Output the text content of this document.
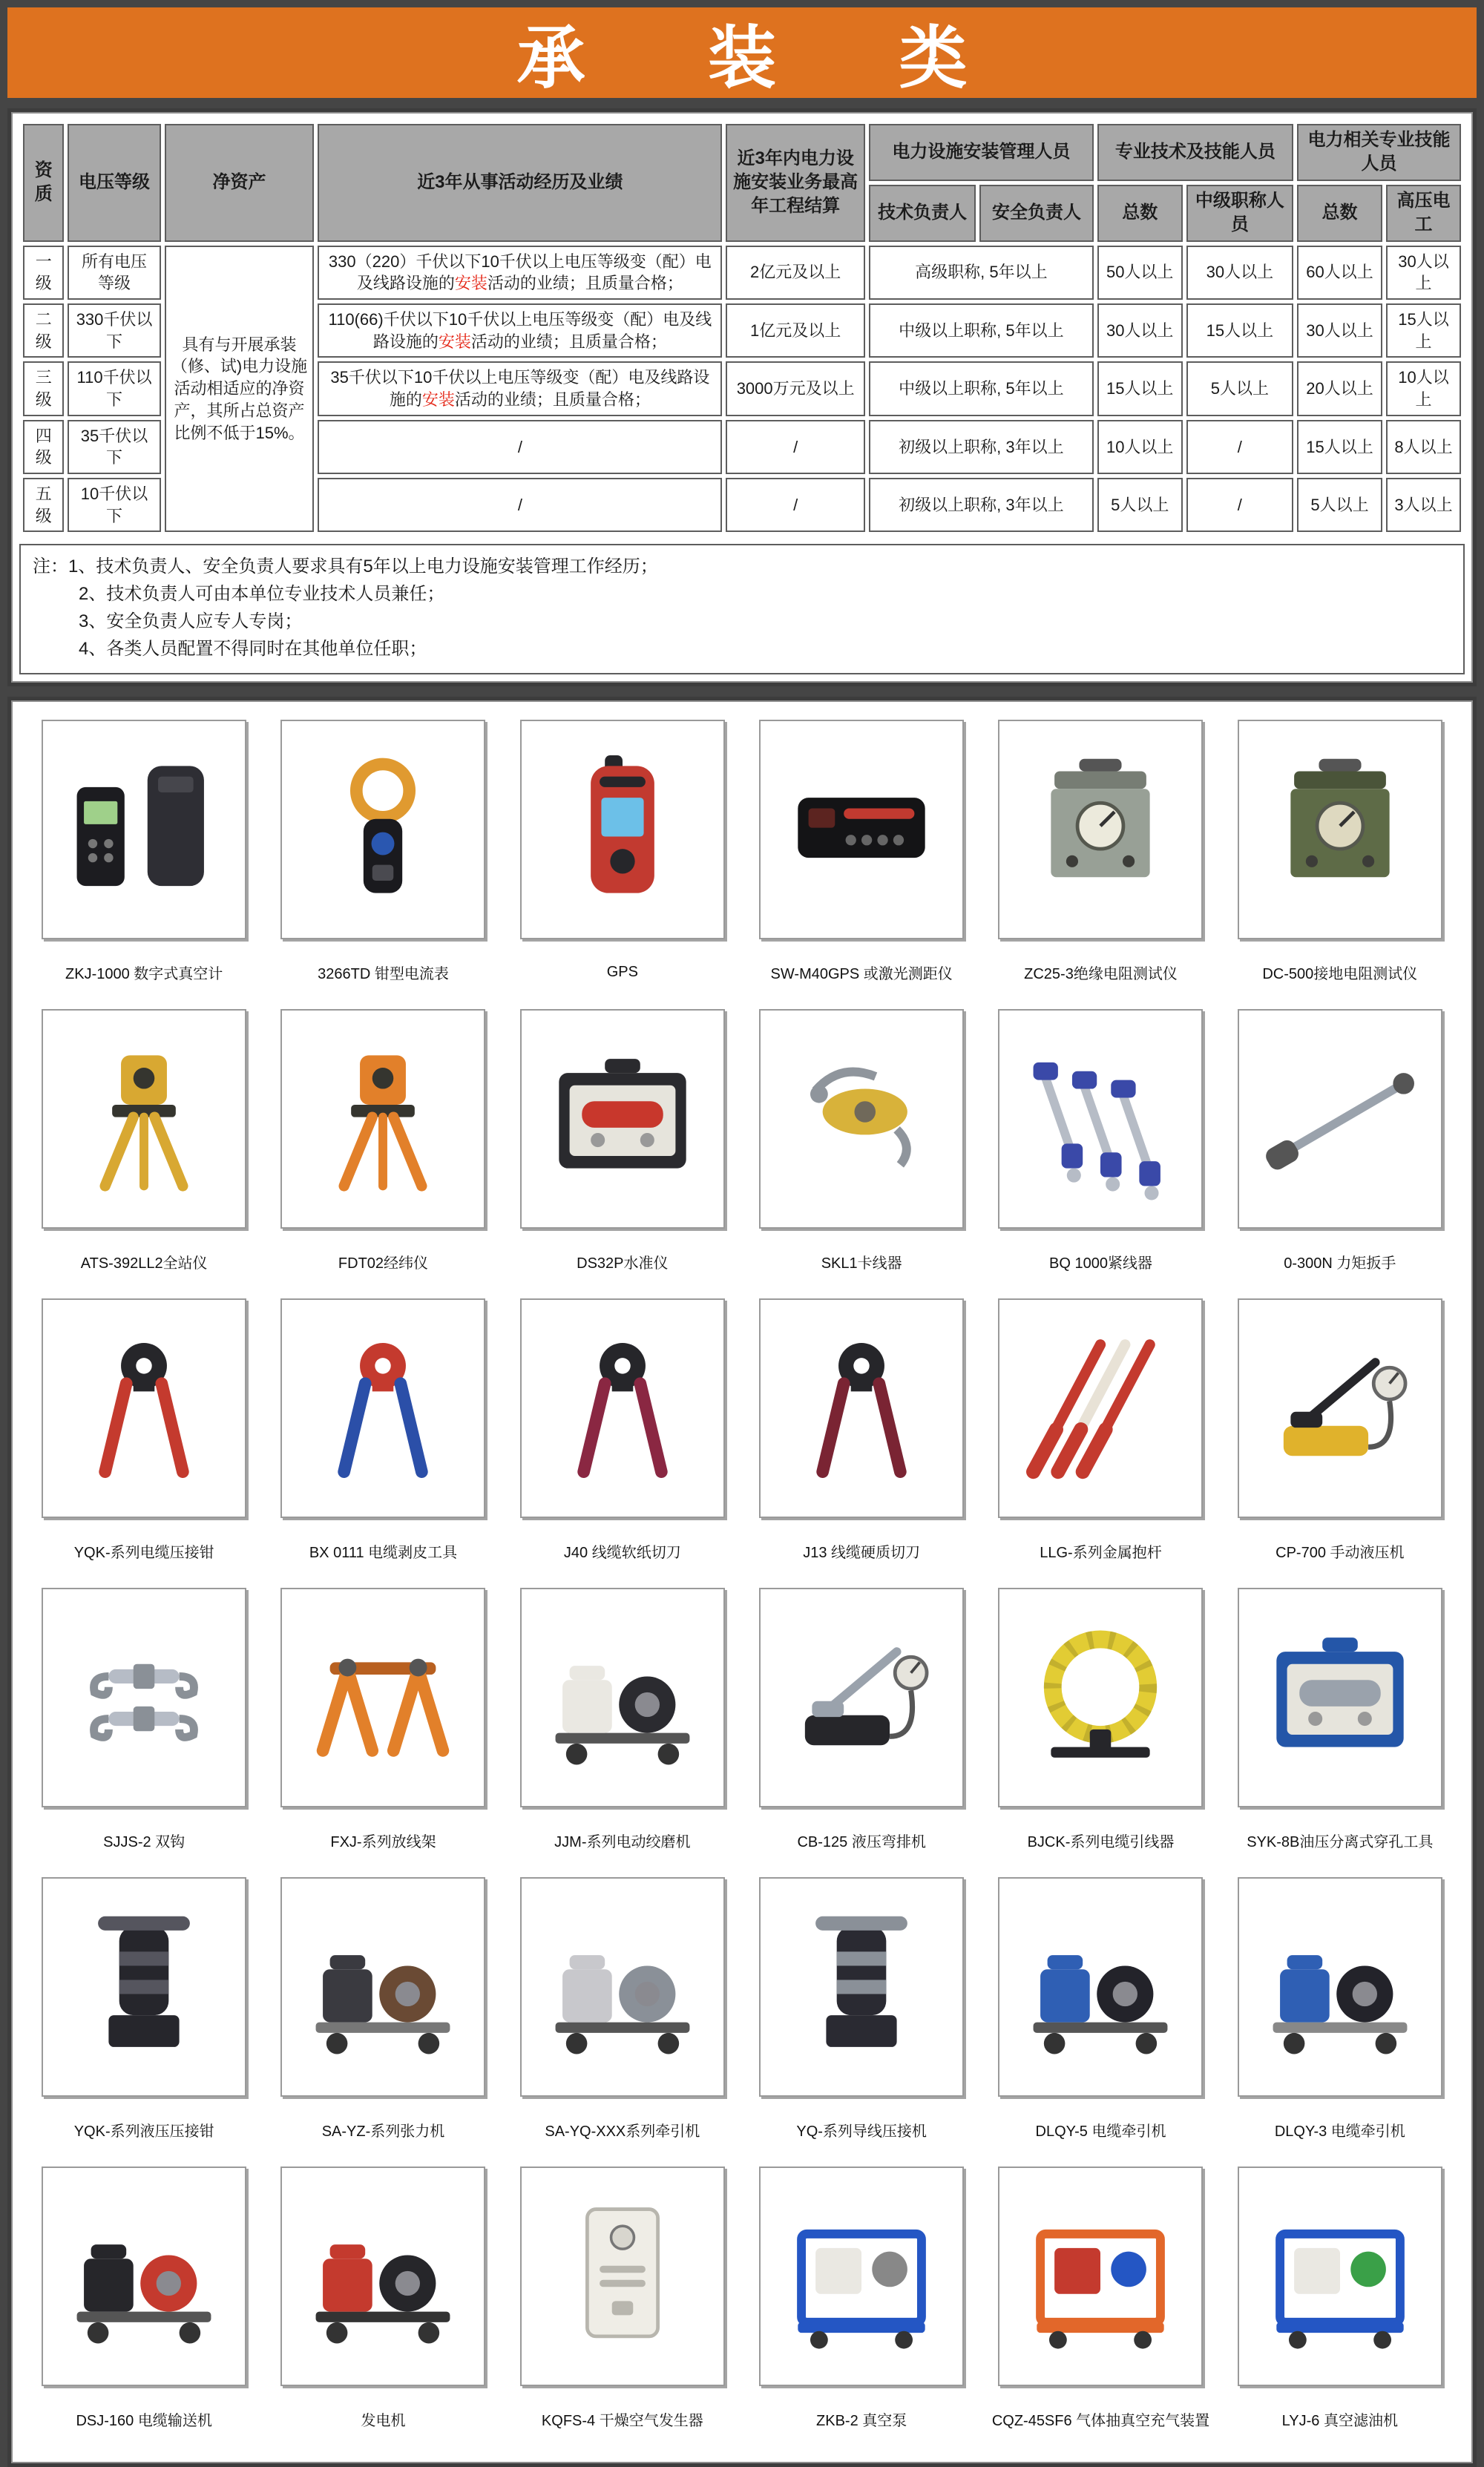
承 装 类
资质	电压等级	净资产	近3年从事活动经历及业绩	近3年内电力设施安装业务最高年工程结算	电力设施安装管理人员		专业技术及技能人员		电力相关专业技能人员	
					技术负责人	安全负责人	总数	中级职称人员	总数	高压电工
一级	所有电压等级	具有与开展承装（修、试)电力设施活动相适应的净资产，其所占总资产比例不低于15%。	330（220）千伏以下10千伏以上电压等级变（配）电及线路设施的安装活动的业绩；且质量合格；	2亿元及以上	高级职称, 5年以上		50人以上	30人以上	60人以上	30人以上
二级	330千伏以下		110(66)千伏以下10千伏以上电压等级变（配）电及线路设施的安装活动的业绩；且质量合格；	1亿元及以上	中级以上职称, 5年以上		30人以上	15人以上	30人以上	15人以上
三级	110千伏以下		35千伏以下10千伏以上电压等级变（配）电及线路设施的安装活动的业绩；且质量合格；	3000万元及以上	中级以上职称, 5年以上		15人以上	5人以上	20人以上	10人以上
四级	35千伏以下		/	/	初级以上职称, 3年以上		10人以上	/	15人以上	8人以上
五级	10千伏以下		/	/	初级以上职称, 3年以上		5人以上	/	5人以上	3人以上
注：1、技术负责人、安全负责人要求具有5年以上电力设施安装管理工作经历；
2、技术负责人可由本单位专业技术人员兼任；
3、安全负责人应专人专岗；
4、各类人员配置不得同时在其他单位任职；
ZKJ-1000 数字式真空计	3266TD 钳型电流表	GPS	SW-M40GPS 或激光测距仪	ZC25-3绝缘电阻测试仪	DC-500接地电阻测试仪
ATS-392LL2全站仪	FDT02经纬仪	DS32P水准仪	SKL1卡线器	BQ 1000紧线器	0-300N 力矩扳手
YQK-系列电缆压接钳	BX 0111 电缆剥皮工具	J40 线缆软纸切刀	J13 线缆硬质切刀	LLG-系列金属抱杆	CP-700 手动液压机
SJJS-2 双钩	FXJ-系列放线架	JJM-系列电动绞磨机	CB-125 液压弯排机	BJCK-系列电缆引线器	SYK-8B油压分离式穿孔工具
YQK-系列液压压接钳	SA-YZ-系列张力机	SA-YQ-XXX系列牵引机	YQ-系列导线压接机	DLQY-5 电缆牵引机	DLQY-3 电缆牵引机
DSJ-160 电缆输送机	发电机	KQFS-4 干燥空气发生器	ZKB-2 真空泵	CQZ-45SF6 气体抽真空充气装置	LYJ-6 真空滤油机
